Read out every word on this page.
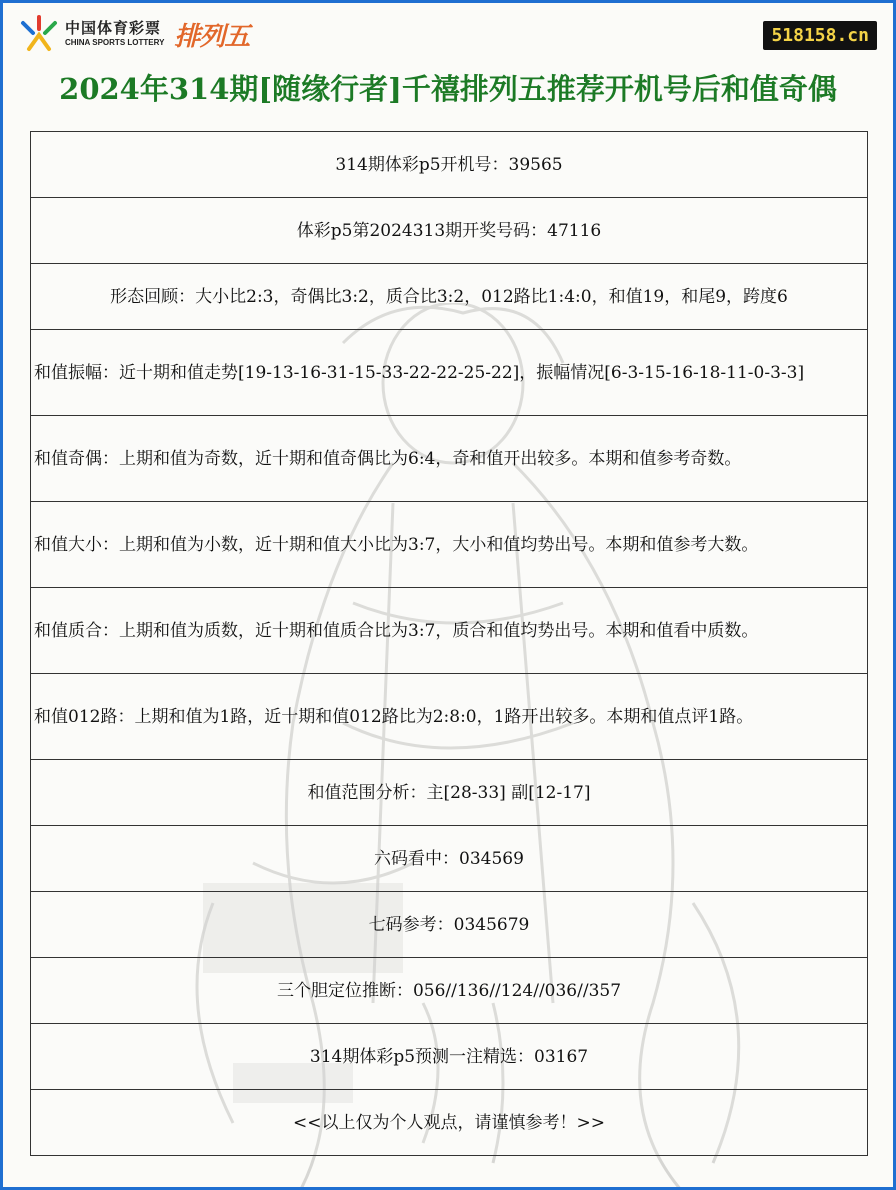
中国体育彩票
CHINA SPORTS LOTTERY 排列五	518158.cn
2024年314期[随缘行者]千禧排列五推荐开机号后和值奇偶
314期体彩p5开机号：39565
体彩p5第2024313期开奖号码：47116
形态回顾：大小比2:3，奇偶比3:2，质合比3:2，012路比1:4:0，和值19，和尾9，跨度6
和值振幅：近十期和值走势[19-13-16-31-15-33-22-22-25-22]，振幅情况[6-3-15-16-18-11-0-3-3]
和值奇偶：上期和值为奇数，近十期和值奇偶比为6:4，奇和值开出较多。本期和值参考奇数。
和值大小：上期和值为小数，近十期和值大小比为3:7，大小和值均势出号。本期和值参考大数。
和值质合：上期和值为质数，近十期和值质合比为3:7，质合和值均势出号。本期和值看中质数。
和值012路：上期和值为1路，近十期和值012路比为2:8:0，1路开出较多。本期和值点评1路。
和值范围分析：主[28-33] 副[12-17]
六码看中：034569
七码参考：0345679
三个胆定位推断：056//136//124//036//357
314期体彩p5预测一注精选：03167
<<以上仅为个人观点，请谨慎参考！>>
